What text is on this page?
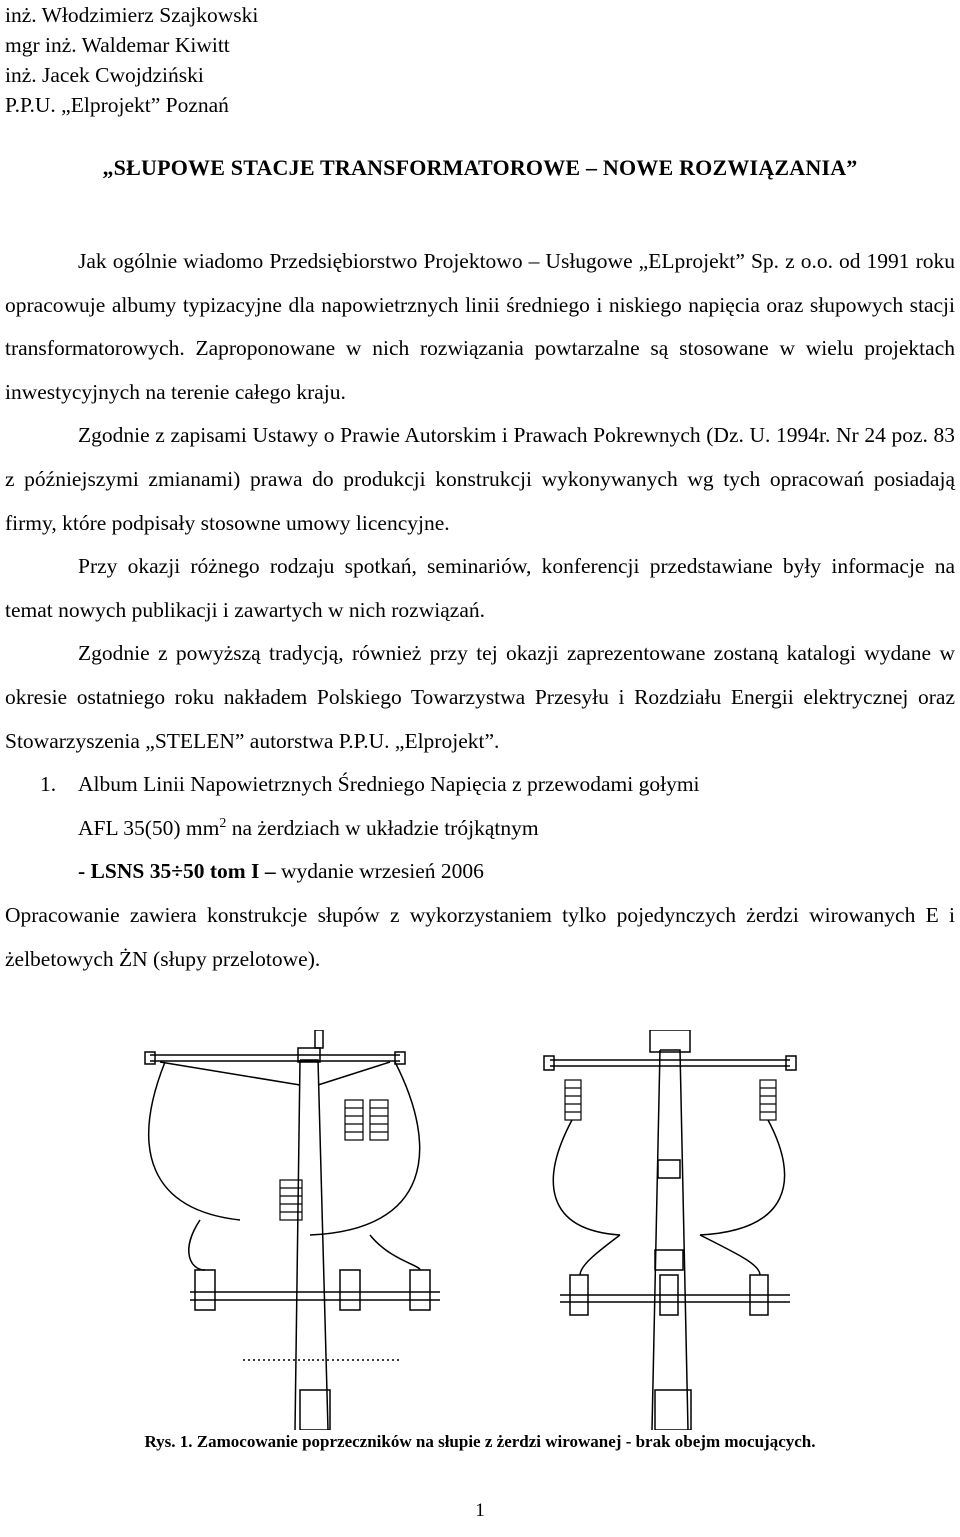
inż. Włodzimierz Szajkowski
mgr inż. Waldemar Kiwitt
inż. Jacek Cwojdziński
P.P.U. „Elprojekt” Poznań
„SŁUPOWE STACJE TRANSFORMATOROWE – NOWE ROZWIĄZANIA”

Jak ogólnie wiadomo Przedsiębiorstwo Projektowo – Usługowe „ELprojekt” Sp. z o.o. od 1991 roku opracowuje albumy typizacyjne dla napowietrznych linii średniego i niskiego napięcia oraz słupowych stacji transformatorowych. Zaproponowane w nich rozwiązania powtarzalne są stosowane w wielu projektach inwestycyjnych na terenie całego kraju.

Zgodnie z zapisami Ustawy o Prawie Autorskim i Prawach Pokrewnych (Dz. U. 1994r. Nr 24 poz. 83 z późniejszymi zmianami) prawa do produkcji konstrukcji wykonywanych wg tych opracowań posiadają firmy, które podpisały stosowne umowy licencyjne.

Przy okazji różnego rodzaju spotkań, seminariów, konferencji przedstawiane były informacje na temat nowych publikacji i zawartych w nich rozwiązań.

Zgodnie z powyższą tradycją, również przy tej okazji zaprezentowane zostaną katalogi wydane w okresie ostatniego roku nakładem Polskiego Towarzystwa Przesyłu i Rozdziału Energii elektrycznej oraz Stowarzyszenia „STELEN” autorstwa P.P.U. „Elprojekt”.

1. Album Linii Napowietrznych Średniego Napięcia z przewodami gołymi
AFL 35(50) $mm^2$ na żerdziach w układzie trójkątnym
- LSNS 35÷50 tom I – wydanie wrzesień 2006

Opracowanie zawiera konstrukcje słupów z wykorzystaniem tylko pojedynczych żerdzi wirowanych E i żelbetowych ŻN (słupy przelotowe).

Rys. 1. Zamocowanie poprzeczników na słupie z żerdzi wirowanej - brak obejm mocujących.
1
